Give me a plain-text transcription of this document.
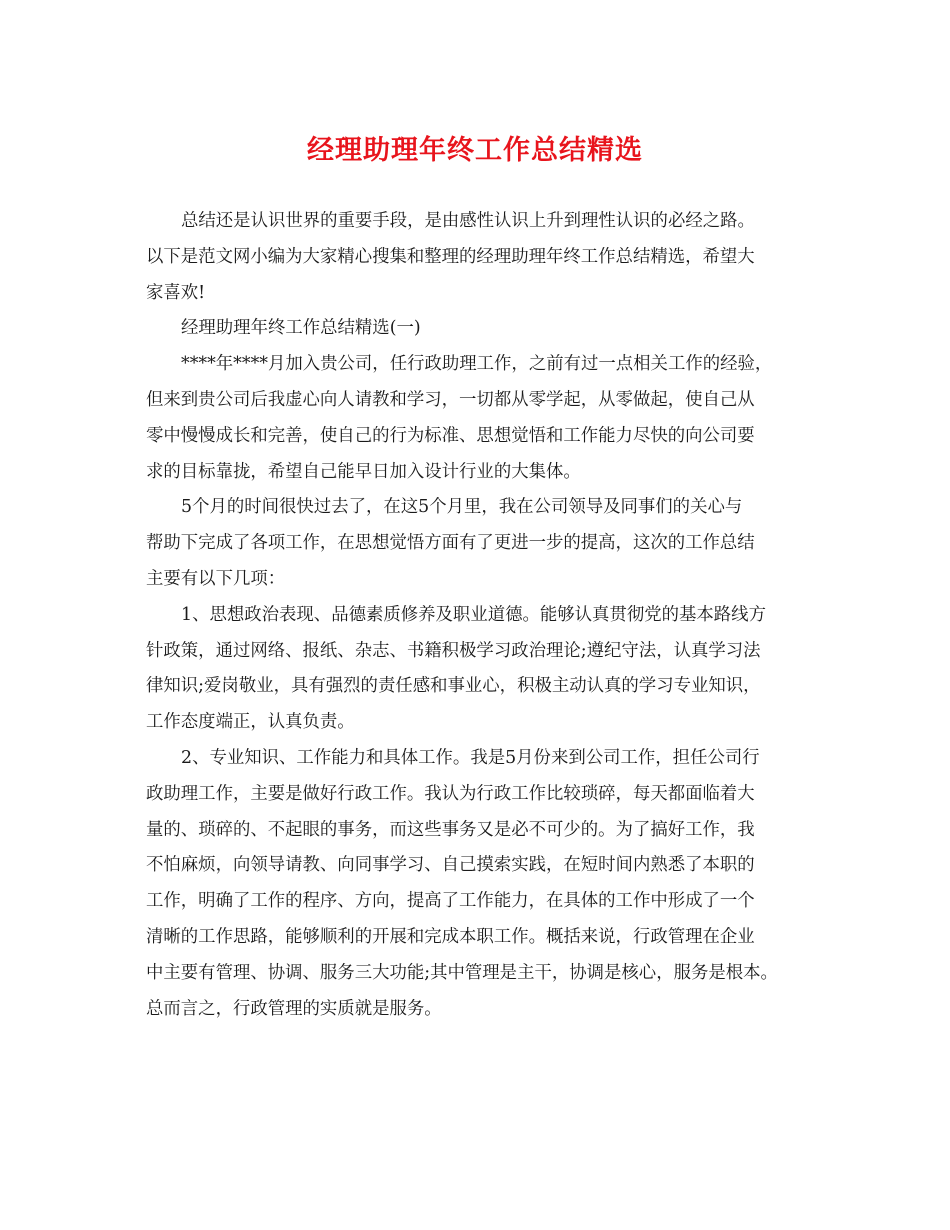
经理助理年终工作总结精选
总结还是认识世界的重要手段，是由感性认识上升到理性认识的必经之路。
以下是范文网小编为大家精心搜集和整理的经理助理年终工作总结精选，希望大
家喜欢!
经理助理年终工作总结精选(一)
****年****月加入贵公司，任行政助理工作，之前有过一点相关工作的经验，
但来到贵公司后我虚心向人请教和学习，一切都从零学起，从零做起，使自己从
零中慢慢成长和完善，使自己的行为标准、思想觉悟和工作能力尽快的向公司要
求的目标靠拢，希望自己能早日加入设计行业的大集体。
5个月的时间很快过去了，在这5个月里，我在公司领导及同事们的关心与
帮助下完成了各项工作，在思想觉悟方面有了更进一步的提高，这次的工作总结
主要有以下几项：
1、思想政治表现、品德素质修养及职业道德。能够认真贯彻党的基本路线方
针政策，通过网络、报纸、杂志、书籍积极学习政治理论;遵纪守法，认真学习法
律知识;爱岗敬业，具有强烈的责任感和事业心，积极主动认真的学习专业知识，
工作态度端正，认真负责。
2、专业知识、工作能力和具体工作。我是5月份来到公司工作，担任公司行
政助理工作，主要是做好行政工作。我认为行政工作比较琐碎，每天都面临着大
量的、琐碎的、不起眼的事务，而这些事务又是必不可少的。为了搞好工作，我
不怕麻烦，向领导请教、向同事学习、自己摸索实践，在短时间内熟悉了本职的
工作，明确了工作的程序、方向，提高了工作能力，在具体的工作中形成了一个
清晰的工作思路，能够顺利的开展和完成本职工作。概括来说，行政管理在企业
中主要有管理、协调、服务三大功能;其中管理是主干，协调是核心，服务是根本。
总而言之，行政管理的实质就是服务。
